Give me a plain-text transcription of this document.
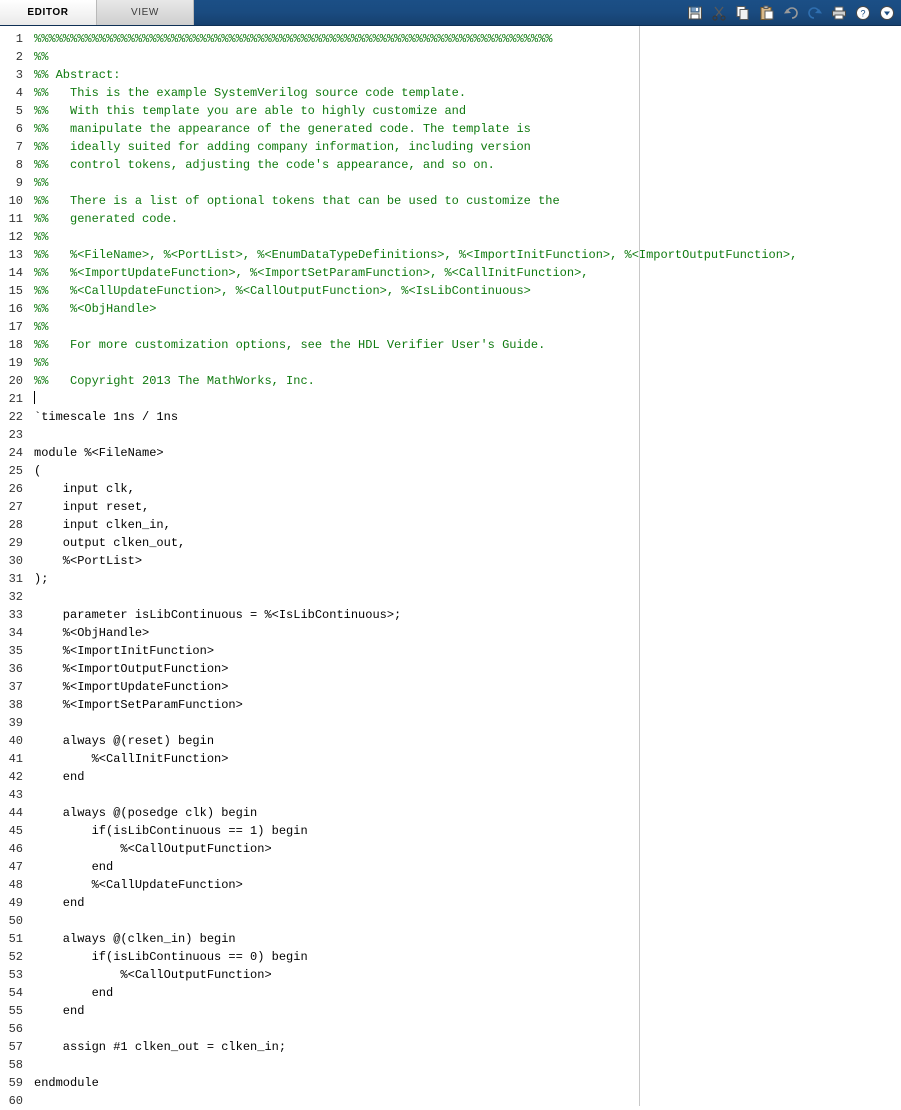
EDITOR	VIEW	?
1
2
3
4
5
6
7
8
9
10
11
12
13
14
15
16
17
18
19
20
21
22
23
24
25
26
27
28
29
30
31
32
33
34
35
36
37
38
39
40
41
42
43
44
45
46
47
48
49
50
51
52
53
54
55
56
57
58
59
60
%%%%%%%%%%%%%%%%%%%%%%%%%%%%%%%%%%%%%%%%%%%%%%%%%%%%%%%%%%%%%%%%%%%%%%%%
%%
%% Abstract:
%%   This is the example SystemVerilog source code template.
%%   With this template you are able to highly customize and
%%   manipulate the appearance of the generated code. The template is
%%   ideally suited for adding company information, including version
%%   control tokens, adjusting the code's appearance, and so on.
%%
%%   There is a list of optional tokens that can be used to customize the
%%   generated code.
%%
%%   %<FileName>, %<PortList>, %<EnumDataTypeDefinitions>, %<ImportInitFunction>, %<ImportOutputFunction>,
%%   %<ImportUpdateFunction>, %<ImportSetParamFunction>, %<CallInitFunction>,
%%   %<CallUpdateFunction>, %<CallOutputFunction>, %<IsLibContinuous>
%%   %<ObjHandle>
%%
%%   For more customization options, see the HDL Verifier User's Guide.
%%
%%   Copyright 2013 The MathWorks, Inc.
`timescale 1ns / 1ns
module %<FileName>
(
input clk,
input reset,
input clken_in,
output clken_out,
%<PortList>
);
parameter isLibContinuous = %<IsLibContinuous>;
%<ObjHandle>
%<ImportInitFunction>
%<ImportOutputFunction>
%<ImportUpdateFunction>
%<ImportSetParamFunction>
always @(reset) begin
%<CallInitFunction>
end
always @(posedge clk) begin
if(isLibContinuous == 1) begin
%<CallOutputFunction>
end
%<CallUpdateFunction>
end
always @(clken_in) begin
if(isLibContinuous == 0) begin
%<CallOutputFunction>
end
end
assign #1 clken_out = clken_in;
endmodule
